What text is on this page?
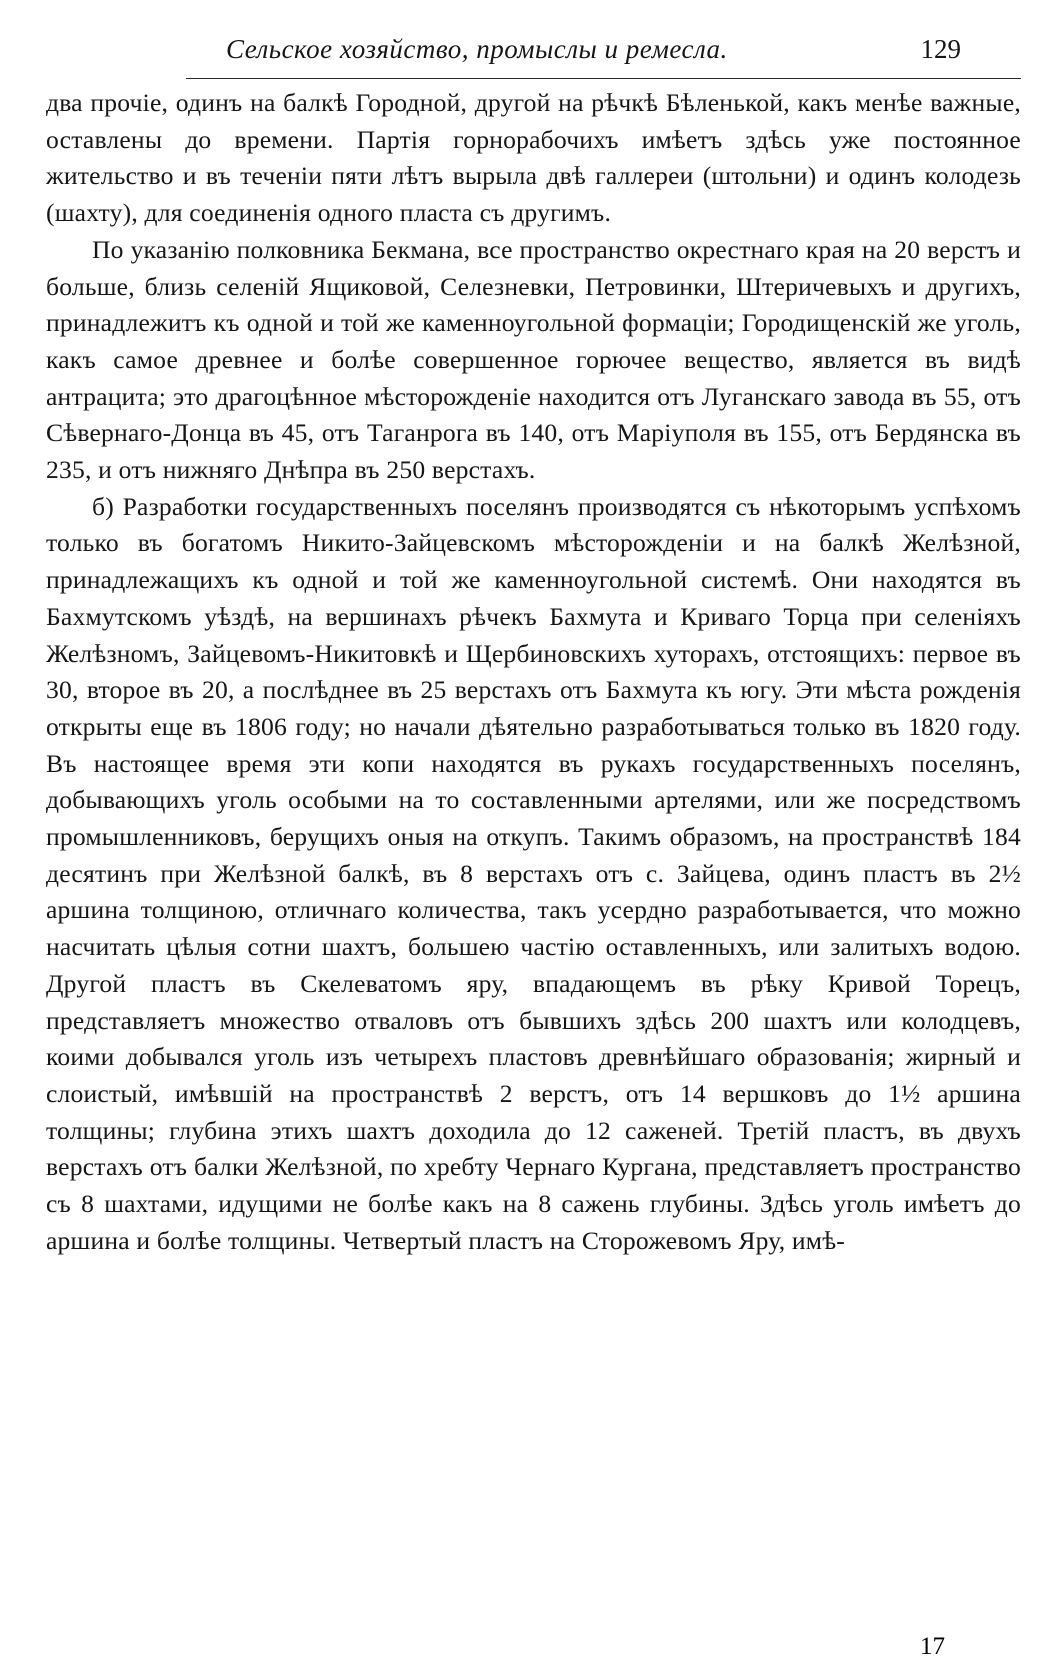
Сельское хозяйство, промыслы и ремесла.	129

два прочіе, одинъ на балкѣ Городной, другой на рѣчкѣ Бѣленькой, какъ менѣе важные, оставлены до времени. Партія горнорабочихъ имѣетъ здѣсь уже постоянное жительство и въ теченіи пяти лѣтъ вырыла двѣ галлереи (штольни) и одинъ колодезь (шахту), для соединенія одного пласта съ другимъ.

По указанію полковника Бекмана, все пространство окрестнаго края на 20 верстъ и больше, близь селеній Ящиковой, Селезневки, Петровинки, Штеричевыхъ и другихъ, принадлежитъ къ одной и той же каменноугольной формаціи; Городищенскій же уголь, какъ самое древнее и болѣе совершенное горючее вещество, является въ видѣ антрацита; это драгоцѣнное мѣсторожденіе находится отъ Луганскаго завода въ 55, отъ Сѣвернаго-Донца въ 45, отъ Таганрога въ 140, отъ Маріуполя въ 155, отъ Бердянска въ 235, и отъ нижняго Днѣпра въ 250 верстахъ.

б) Разработки государственныхъ поселянъ производятся съ нѣкоторымъ успѣхомъ только въ богатомъ Никито-Зайцевскомъ мѣсторожденіи и на балкѣ Желѣзной, принадлежащихъ къ одной и той же каменноугольной системѣ. Они находятся въ Бахмутскомъ уѣздѣ, на вершинахъ рѣчекъ Бахмута и Криваго Торца при селеніяхъ Желѣзномъ, Зайцевомъ-Никитовкѣ и Щербиновскихъ хуторахъ, отстоящихъ: первое въ 30, второе въ 20, а послѣднее въ 25 верстахъ отъ Бахмута къ югу. Эти мѣста рожденія открыты еще въ 1806 году; но начали дѣятельно разработываться только въ 1820 году. Въ настоящее время эти копи находятся въ рукахъ государственныхъ поселянъ, добывающихъ уголь особыми на то составленными артелями, или же посредствомъ промышленниковъ, берущихъ оныя на откупъ. Такимъ образомъ, на пространствѣ 184 десятинъ при Желѣзной балкѣ, въ 8 верстахъ отъ с. Зайцева, одинъ пластъ въ 2½ аршина толщиною, отличнаго количества, такъ усердно разработывается, что можно насчитать цѣлыя сотни шахтъ, большею частію оставленныхъ, или залитыхъ водою. Другой пластъ въ Скелеватомъ яру, впадающемъ въ рѣку Кривой Торецъ, представляетъ множество отваловъ отъ бывшихъ здѣсь 200 шахтъ или колодцевъ, коими добывался уголь изъ четырехъ пластовъ древнѣйшаго образованія; жирный и слоистый, имѣвшій на пространствѣ 2 верстъ, отъ 14 вершковъ до 1½ аршина толщины; глубина этихъ шахтъ доходила до 12 саженей. Третій пластъ, въ двухъ верстахъ отъ балки Желѣзной, по хребту Чернаго Кургана, представляетъ пространство съ 8 шахтами, идущими не болѣе какъ на 8 сажень глубины. Здѣсь уголь имѣетъ до аршина и болѣе толщины. Четвертый пластъ на Сторожевомъ Яру, имѣ-

17
